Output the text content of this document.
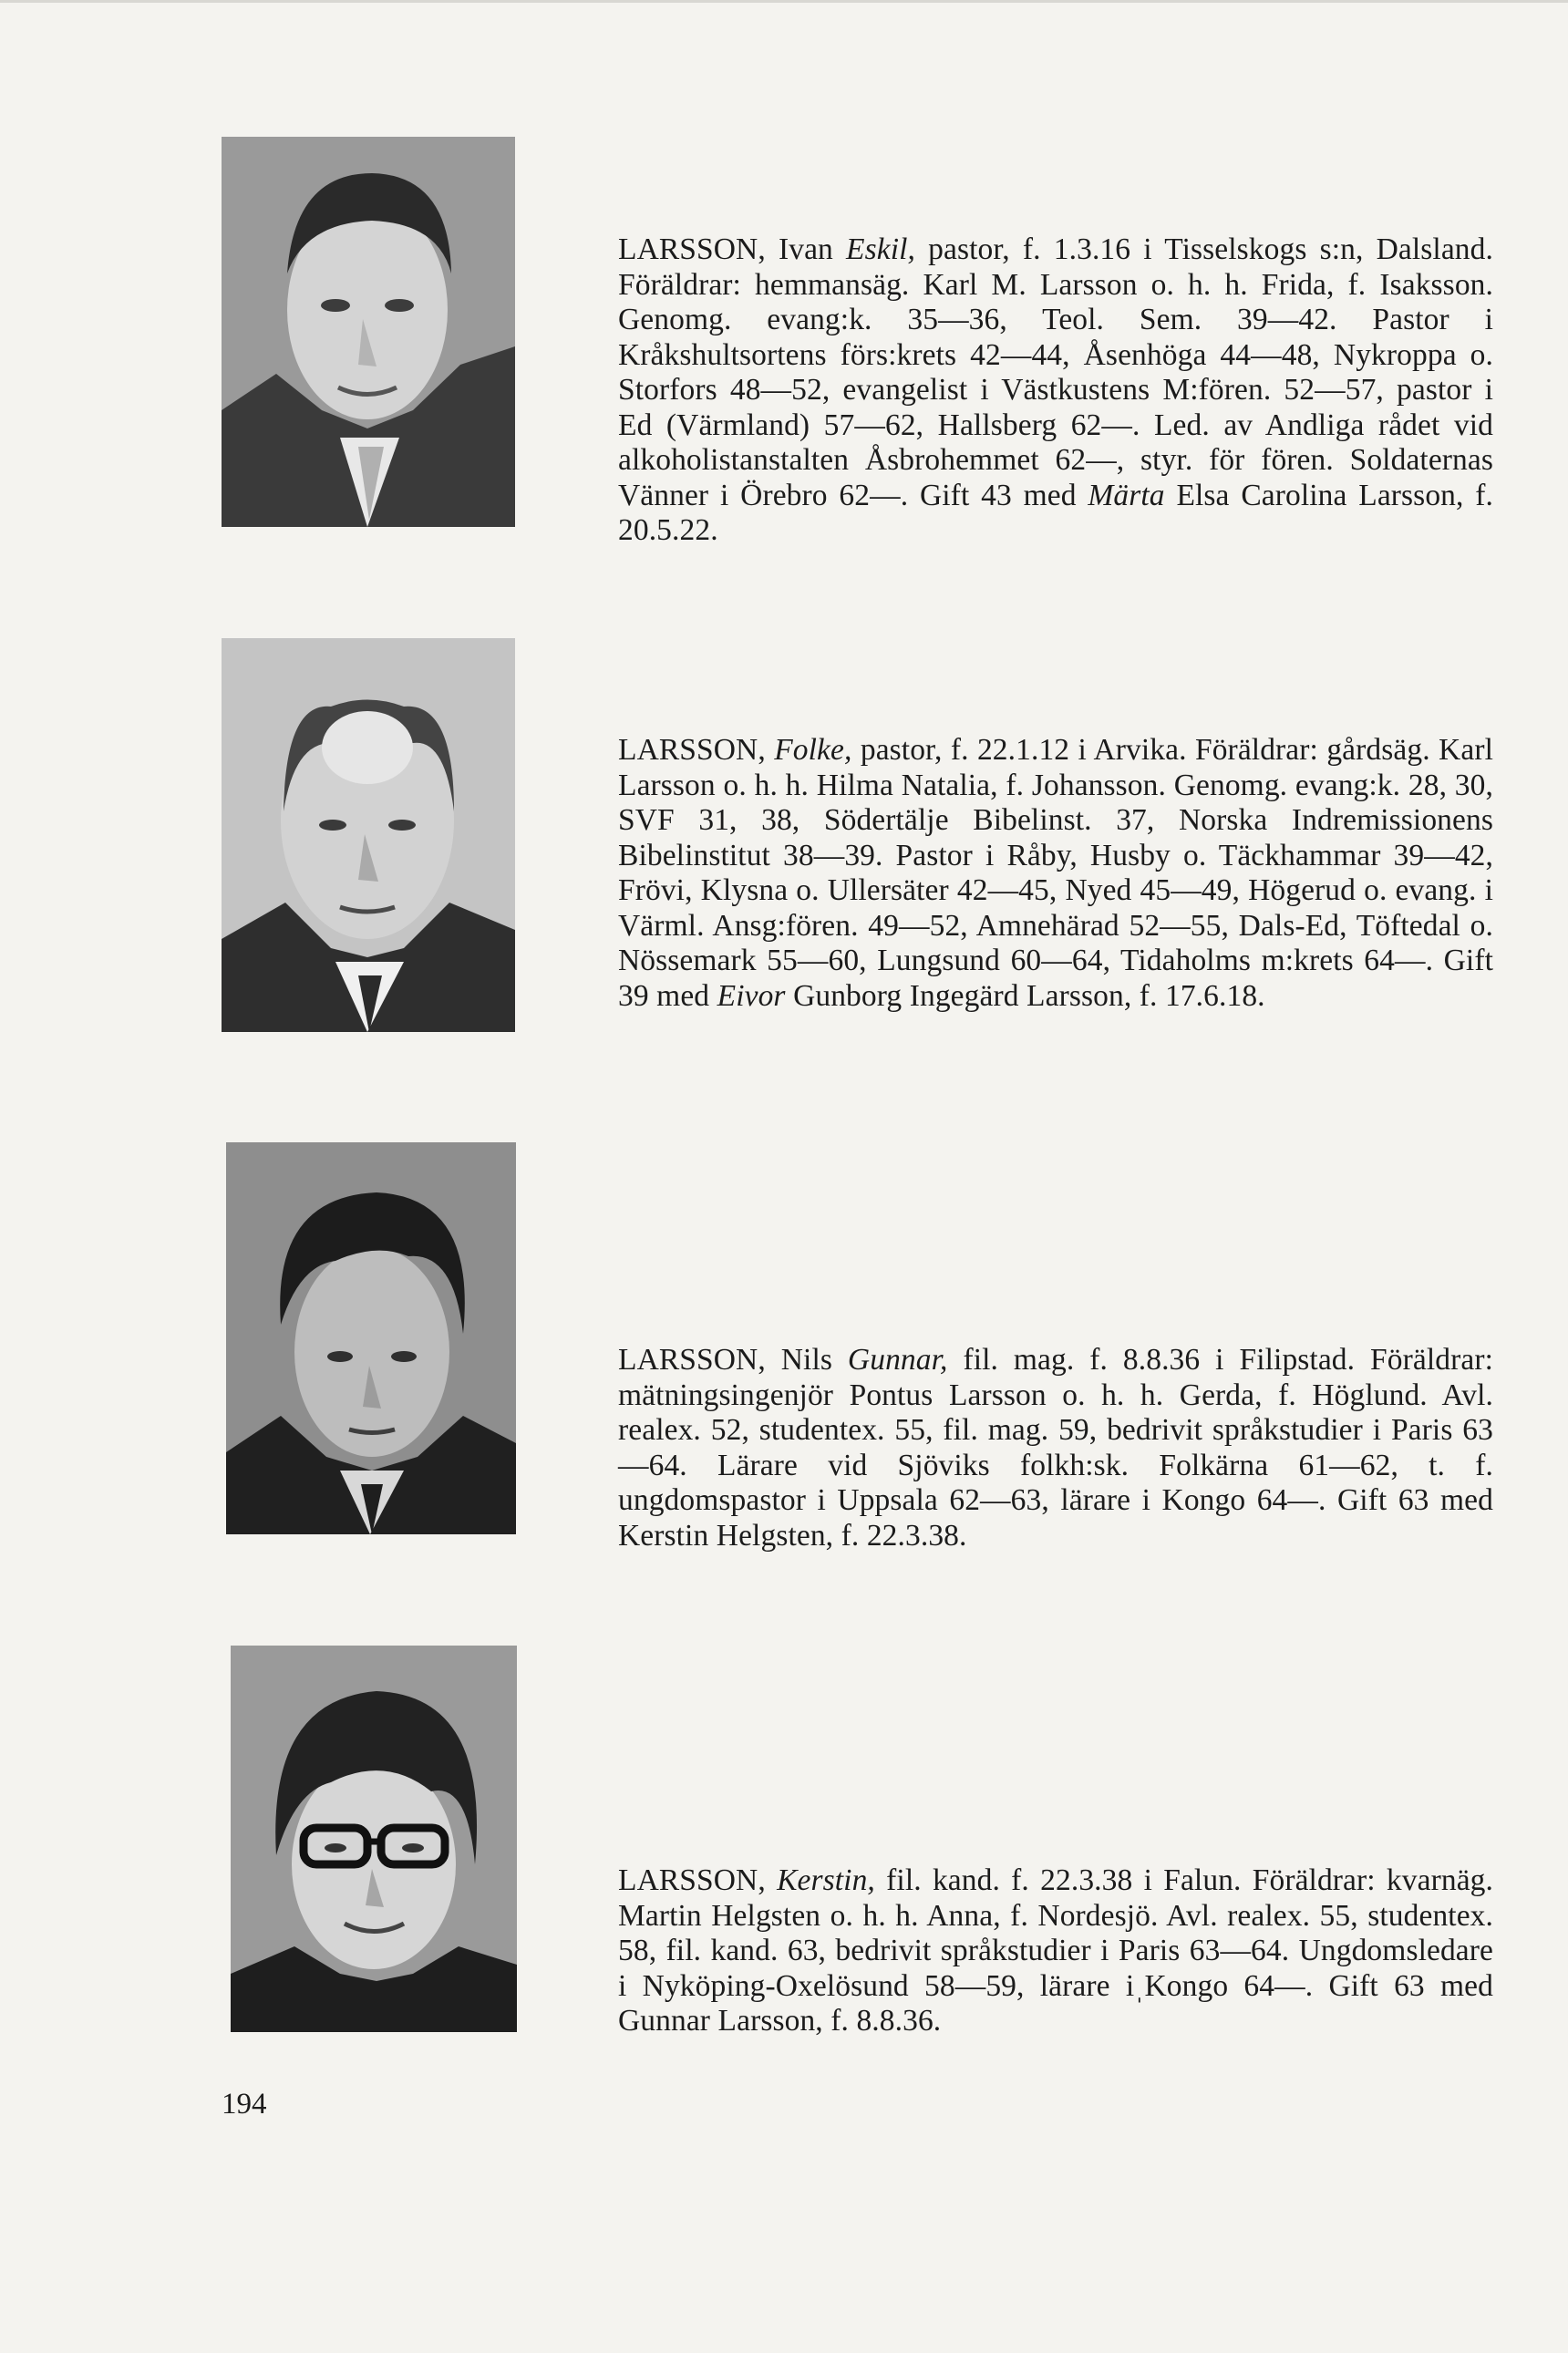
LARSSON, Ivan Eskil, pastor, f. 1.3.16 i Tisselskogs s:n, Dalsland. Föräldrar: hemmansäg. Karl M. Larsson o. h. h. Frida, f. Isaksson. Genomg. evang:k. 35—36, Teol. Sem. 39—42. Pastor i Kråkshultsortens förs:krets 42—44, Åsenhöga 44—48, Nykroppa o. Storfors 48—52, evangelist i Västkustens M:fören. 52—57, pastor i Ed (Värmland) 57—62, Hallsberg 62—. Led. av Andliga rådet vid alkoholistanstalten Åsbrohemmet 62—, styr. för fören. Soldaternas Vänner i Örebro 62—. Gift 43 med Märta Elsa Carolina Larsson, f. 20.5.22.
LARSSON, Folke, pastor, f. 22.1.12 i Arvika. Föräldrar: gårdsäg. Karl Larsson o. h. h. Hilma Natalia, f. Johansson. Genomg. evang:k. 28, 30, SVF 31, 38, Södertälje Bibelinst. 37, Norska Indremissionens Bibelinstitut 38—39. Pastor i Råby, Husby o. Täckhammar 39—42, Frövi, Klysna o. Ullersäter 42—45, Nyed 45—49, Högerud o. evang. i Värml. Ansg:fören. 49—52, Amnehärad 52—55, Dals-Ed, Töftedal o. Nössemark 55—60, Lungsund 60—64, Tidaholms m:krets 64—. Gift 39 med Eivor Gunborg Ingegärd Larsson, f. 17.6.18.
LARSSON, Nils Gunnar, fil. mag. f. 8.8.36 i Filipstad. Föräldrar: mätningsingenjör Pontus Larsson o. h. h. Gerda, f. Höglund. Avl. realex. 52, studentex. 55, fil. mag. 59, bedrivit språkstudier i Paris 63—64. Lärare vid Sjöviks folkh:sk. Folkärna 61—62, t. f. ungdomspastor i Uppsala 62—63, lärare i Kongo 64—. Gift 63 med Kerstin Helgsten, f. 22.3.38.
LARSSON, Kerstin, fil. kand. f. 22.3.38 i Falun. Föräldrar: kvarnäg. Martin Helgsten o. h. h. Anna, f. Nordesjö. Avl. realex. 55, studentex. 58, fil. kand. 63, bedrivit språkstudier i Paris 63—64. Ungdomsledare i Nyköping-Oxelösund 58—59, lärare iˌKongo 64—. Gift 63 med Gunnar Larsson, f. 8.8.36.
194
